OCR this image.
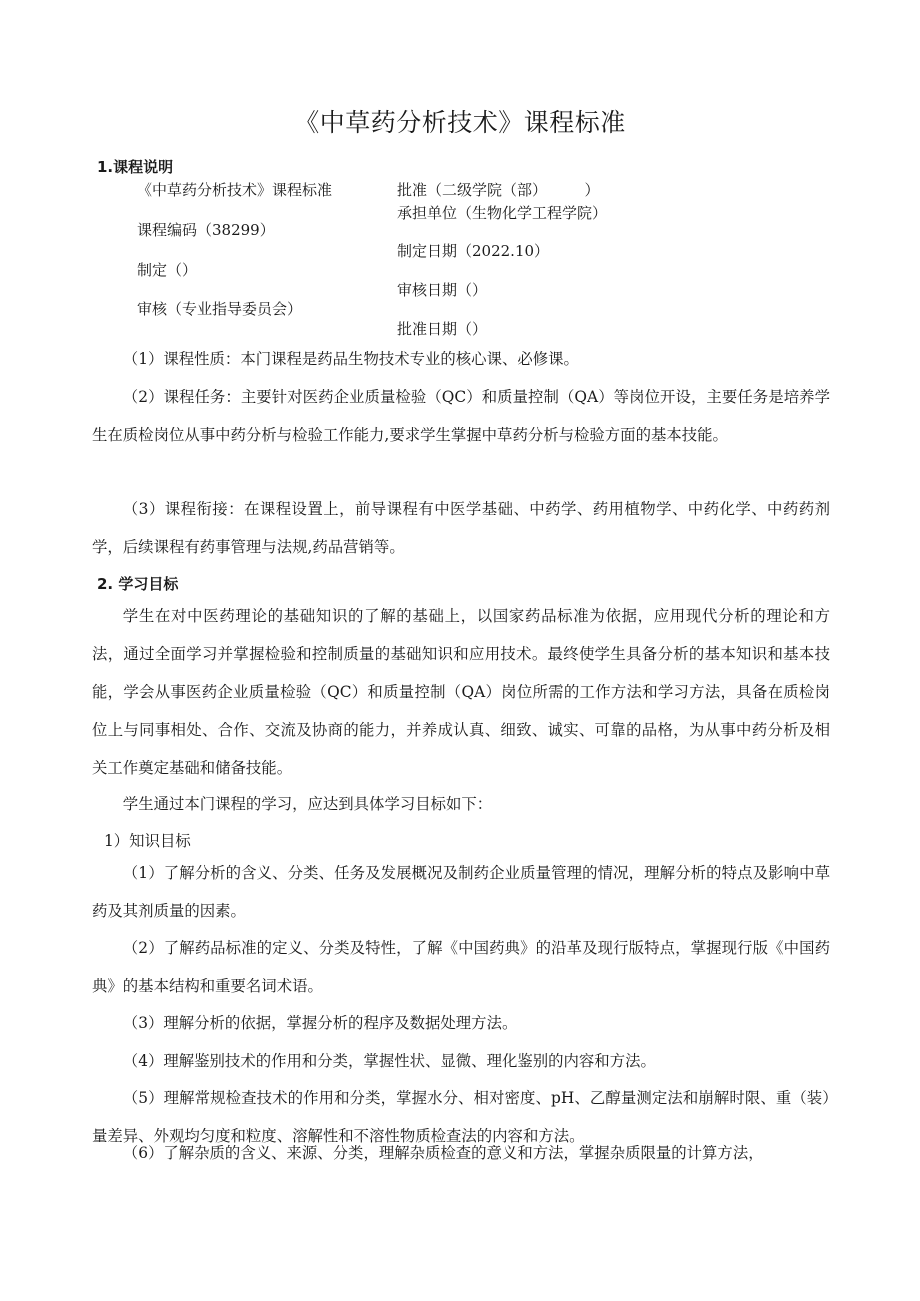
《中草药分析技术》课程标准
1.课程说明

《中草药分析技术》课程标准

课程编码（38299）

制定（）

审核（专业指导委员会）

批准（二级学院（部）　　　）

承担单位（生物化学工程学院）

制定日期（2022.10）

审核日期（）

批准日期（）

（1）课程性质：本门课程是药品生物技术专业的核心课、必修课。

（2）课程任务：主要针对医药企业质量检验（QC）和质量控制（QA）等岗位开设，主要任务是培养学生在质检岗位从事中药分析与检验工作能力,要求学生掌握中草药分析与检验方面的基本技能。

（3）课程衔接：在课程设置上，前导课程有中医学基础、中药学、药用植物学、中药化学、中药药剂学，后续课程有药事管理与法规,药品营销等。

2. 学习目标

学生在对中医药理论的基础知识的了解的基础上，以国家药品标准为依据，应用现代分析的理论和方法，通过全面学习并掌握检验和控制质量的基础知识和应用技术。最终使学生具备分析的基本知识和基本技能，学会从事医药企业质量检验（QC）和质量控制（QA）岗位所需的工作方法和学习方法，具备在质检岗位上与同事相处、合作、交流及协商的能力，并养成认真、细致、诚实、可靠的品格，为从事中药分析及相关工作奠定基础和储备技能。

学生通过本门课程的学习，应达到具体学习目标如下：

1）知识目标

（1）了解分析的含义、分类、任务及发展概况及制药企业质量管理的情况，理解分析的特点及影响中草药及其剂质量的因素。

（2）了解药品标准的定义、分类及特性，了解《中国药典》的沿革及现行版特点，掌握现行版《中国药典》的基本结构和重要名词术语。

（3）理解分析的依据，掌握分析的程序及数据处理方法。

（4）理解鉴别技术的作用和分类，掌握性状、显微、理化鉴别的内容和方法。

（5）理解常规检查技术的作用和分类，掌握水分、相对密度、pH、乙醇量测定法和崩解时限、重（装）量差异、外观均匀度和粒度、溶解性和不溶性物质检查法的内容和方法。

（6）了解杂质的含义、来源、分类，理解杂质检查的意义和方法，掌握杂质限量的计算方法，
